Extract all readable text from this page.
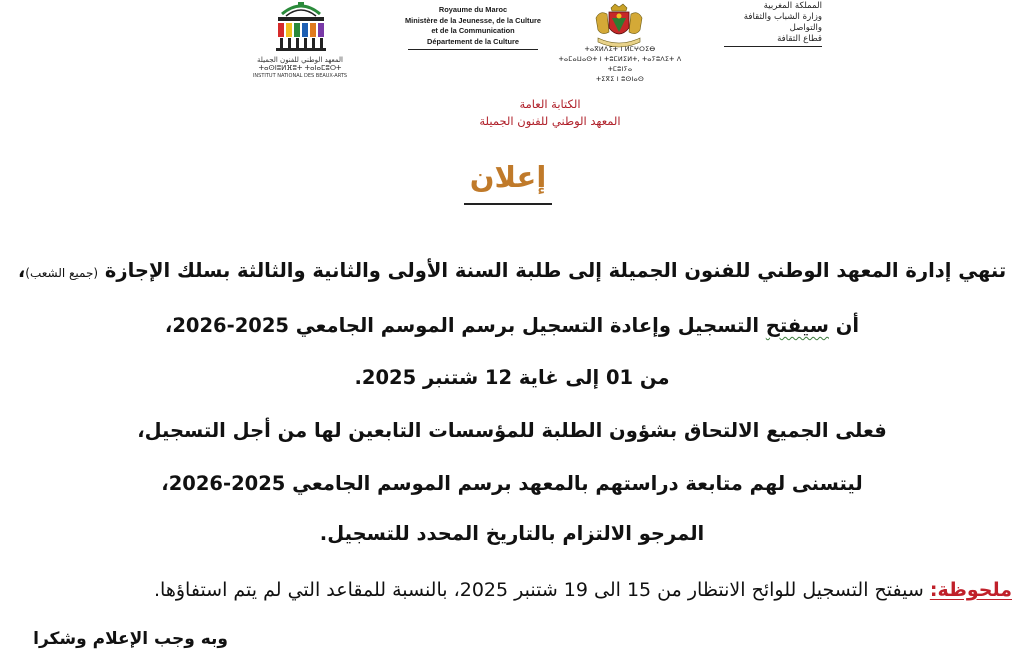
المعهد الوطني للفنون الجميلة
ⵜⴰⵙⵏⵓⵍⴼⵓⵜ ⵜⴰⵏⴰⵎⵓⵔⵜ
INSTITUT NATIONAL DES BEAUX-ARTS
Royaume du Maroc
Ministère de la Jeunesse, de la Culture
et de la Communication
Département de la Culture
ⵜⴰⴳⵍⴷⵉⵜ ⵏ ⵍⵎⵖⵔⵉⴱ
ⵜⴰⵎⴰⵡⴰⵙⵜ ⵏ ⵜⵓⵎⵍⵉⵍⵜ, ⵜⴰⵢⵓⴷⵉⵜ ⴷ ⵜⵎⵓⵏⵢⴰ
ⵜⵉⴳⵉ ⵏ ⵓⵙⵏⴰⵙ
المملكة المغربية
وزارة الشباب والثقافة
والتواصل
قطاع الثقافة
الكتابة العامة
المعهد الوطني للفنون الجميلة
إعلان
تنهي إدارة المعهد الوطني للفنون الجميلة إلى طلبة السنة الأولى والثانية والثالثة بسلك الإجازة (جميع الشعب)،
أن سيفتح التسجيل وإعادة التسجيل برسم الموسم الجامعي 2025-2026،
من 01 إلى غاية 12 شتنبر 2025.
فعلى الجميع الالتحاق بشؤون الطلبة للمؤسسات التابعين لها من أجل التسجيل،
ليتسنى لهم متابعة دراستهم بالمعهد برسم الموسم الجامعي 2025-2026،
المرجو الالتزام بالتاريخ المحدد للتسجيل.
ملحوظة: سيفتح التسجيل للوائح الانتظار من 15 الى 19 شتنبر 2025، بالنسبة للمقاعد التي لم يتم استفاؤها.
وبه وجب الإعلام وشكرا
